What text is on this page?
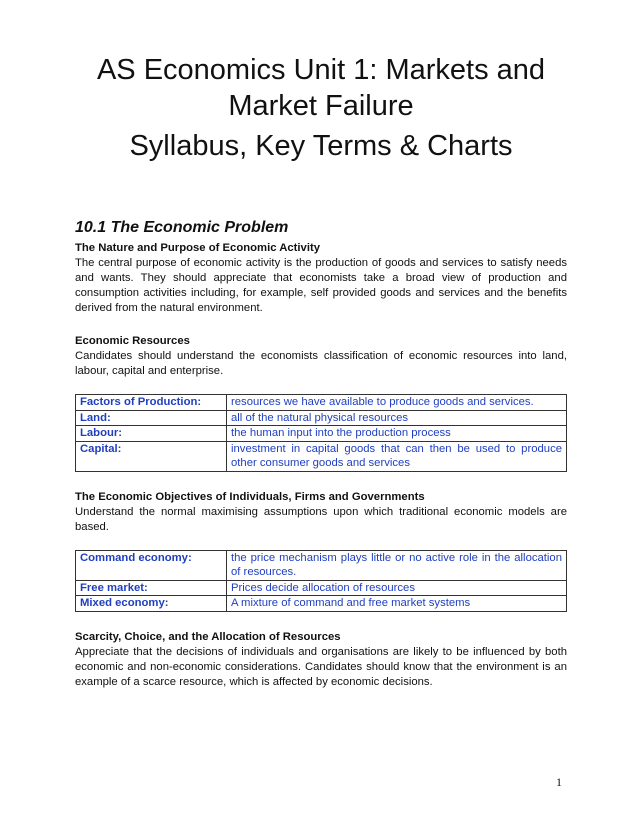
AS Economics Unit 1: Markets and Market Failure
Syllabus, Key Terms & Charts
10.1 The Economic Problem

The Nature and Purpose of Economic Activity

The central purpose of economic activity is the production of goods and services to satisfy needs and wants. They should appreciate that economists take a broad view of production and consumption activities including, for example, self provided goods and services and the benefits derived from the natural environment.

Economic Resources

Candidates should understand the economists classification of economic resources into land, labour, capital and enterprise.

Factors of Production:	resources we have available to produce goods and services.
Land:	all of the natural physical resources
Labour:	the human input into the production process
Capital:	investment in capital goods that can then be used to produce other consumer goods and services

The Economic Objectives of Individuals, Firms and Governments

Understand the normal maximising assumptions upon which traditional economic models are based.

Command economy:	the price mechanism plays little or no active role in the allocation of resources.
Free market:	Prices decide allocation of resources
Mixed economy:	A mixture of command and free market systems

Scarcity, Choice, and the Allocation of Resources

Appreciate that the decisions of individuals and organisations are likely to be influenced by both economic and non-economic considerations. Candidates should know that the environment is an example of a scarce resource, which is affected by economic decisions.

1
